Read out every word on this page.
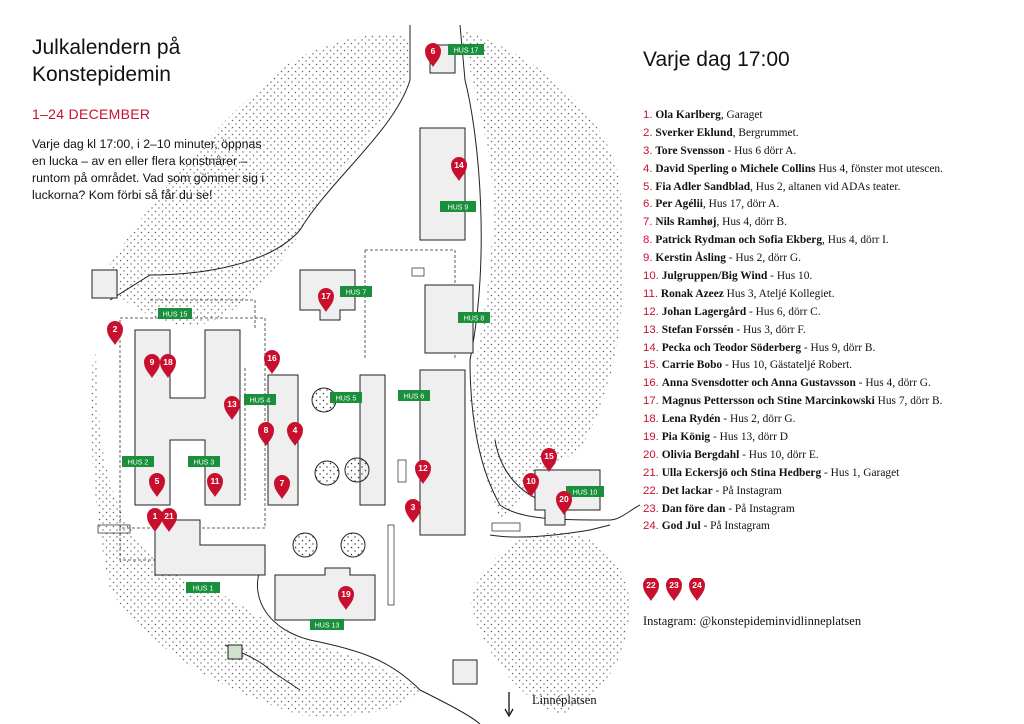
HUS 17
HUS 9
HUS 7
HUS 8
HUS 15
HUS 4	HUS 5	HUS 6
HUS 2	HUS 3
HUS 10
HUS 1
HUS 13
6
14
17
2
9 18	16
13
4
8
7
5	11
1 21
12
3
15
10
20
19
Julkalendern på
Konstepidemin
1–24 DECEMBER
Varje dag kl 17:00, i 2–10 minuter, öppnas en lucka – av en eller flera konstnärer – runtom på området. Vad som gömmer sig i luckorna? Kom förbi så får du se!
Varje dag 17:00
1. Ola Karlberg, Garaget
2. Sverker Eklund, Bergrummet.
3. Tore Svensson - Hus 6 dörr A.
4. David Sperling o Michele Collins Hus 4, fönster mot utescen.
5. Fia Adler Sandblad, Hus 2, altanen vid ADAs teater.
6. Per Agélii, Hus 17, dörr A.
7. Nils Ramhøj, Hus 4, dörr B.
8. Patrick Rydman och Sofia Ekberg, Hus 4, dörr I.
9. Kerstin Åsling - Hus 2, dörr G.
10. Julgruppen/Big Wind - Hus 10.
11. Ronak Azeez Hus 3, Ateljé Kollegiet.
12. Johan Lagergård - Hus 6, dörr C.
13. Stefan Forssén - Hus 3, dörr F.
14. Pecka och Teodor Söderberg - Hus 9, dörr B.
15. Carrie Bobo - Hus 10, Gästateljé Robert.
16. Anna Svensdotter och Anna Gustavsson - Hus 4, dörr G.
17. Magnus Pettersson och Stine Marcinkowski Hus 7, dörr B.
18. Lena Rydén - Hus 2, dörr G.
19. Pia König - Hus 13, dörr D
20. Olivia Bergdahl - Hus 10, dörr E.
21. Ulla Eckersjö och Stina Hedberg - Hus 1, Garaget
22. Det lackar - På Instagram
23. Dan före dan - På Instagram
24. God Jul - På Instagram
22 23 24
Instagram: @konstepideminvidlinneplatsen
Linnéplatsen
